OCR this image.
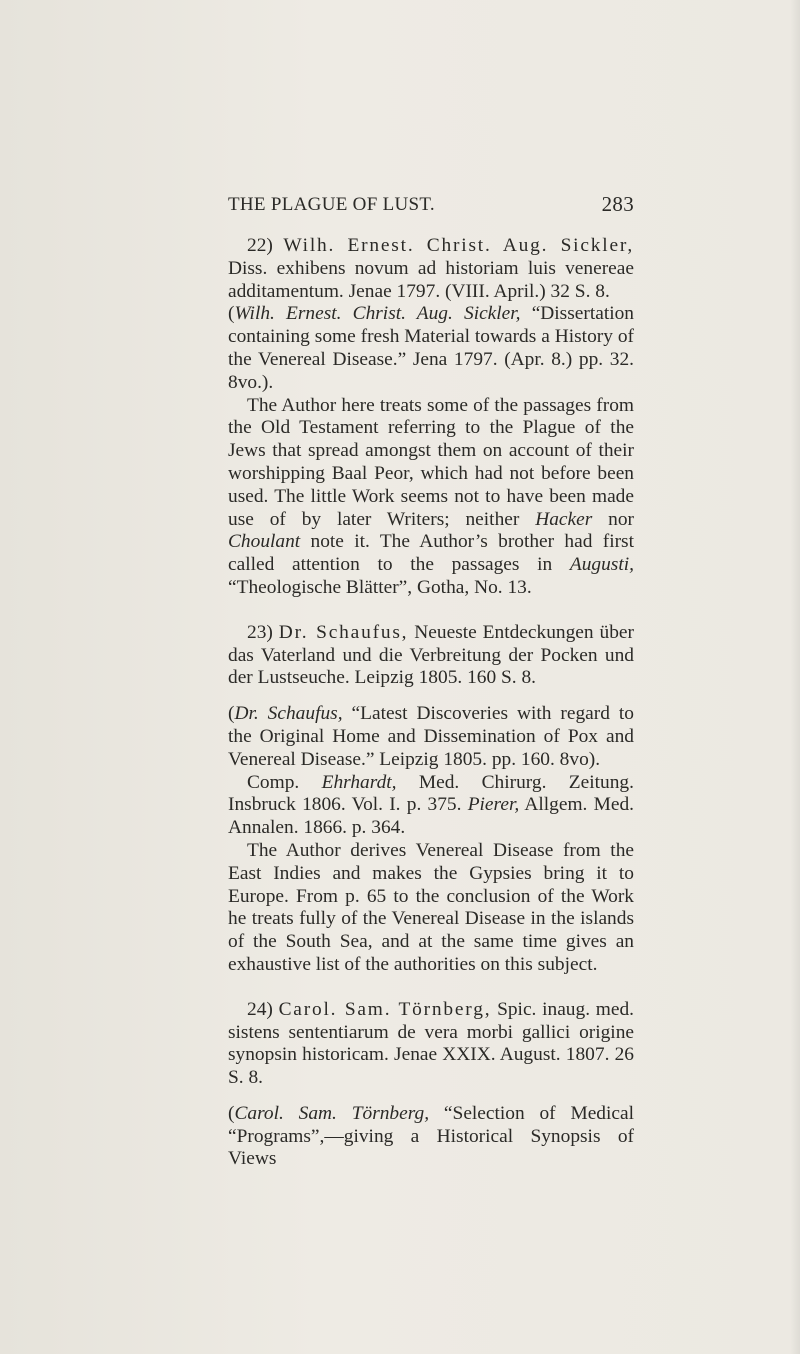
THE PLAGUE OF LUST.	283

22) Wilh. Ernest. Christ. Aug. Sickler, Diss. exhibens novum ad historiam luis venereae additamentum. Jenae 1797. (VIII. April.) 32 S. 8.

(Wilh. Ernest. Christ. Aug. Sickler, “Dissertation containing some fresh Material towards a History of the Venereal Disease.” Jena 1797. (Apr. 8.) pp. 32. 8vo.).

The Author here treats some of the passages from the Old Testament referring to the Plague of the Jews that spread amongst them on account of their worshipping Baal Peor, which had not before been used. The little Work seems not to have been made use of by later Writers; neither Hacker nor Choulant note it. The Author’s brother had first called attention to the passages in Augusti, “Theologische Blätter”, Gotha, No. 13.

23) Dr. Schaufus, Neueste Entdeckungen über das Vaterland und die Verbreitung der Pocken und der Lustseuche. Leipzig 1805. 160 S. 8.

(Dr. Schaufus, “Latest Discoveries with regard to the Original Home and Dissemination of Pox and Venereal Disease.” Leipzig 1805. pp. 160. 8vo).

Comp. Ehrhardt, Med. Chirurg. Zeitung. Insbruck 1806. Vol. I. p. 375. Pierer, Allgem. Med. Annalen. 1866. p. 364.

The Author derives Venereal Disease from the East Indies and makes the Gypsies bring it to Europe. From p. 65 to the conclusion of the Work he treats fully of the Venereal Disease in the islands of the South Sea, and at the same time gives an exhaustive list of the authorities on this subject.

24) Carol. Sam. Törnberg, Spic. inaug. med. sistens sententiarum de vera morbi gallici origine synopsin historicam. Jenae XXIX. August. 1807. 26 S. 8.

(Carol. Sam. Törnberg, “Selection of Medical “Programs”,—giving a Historical Synopsis of Views
